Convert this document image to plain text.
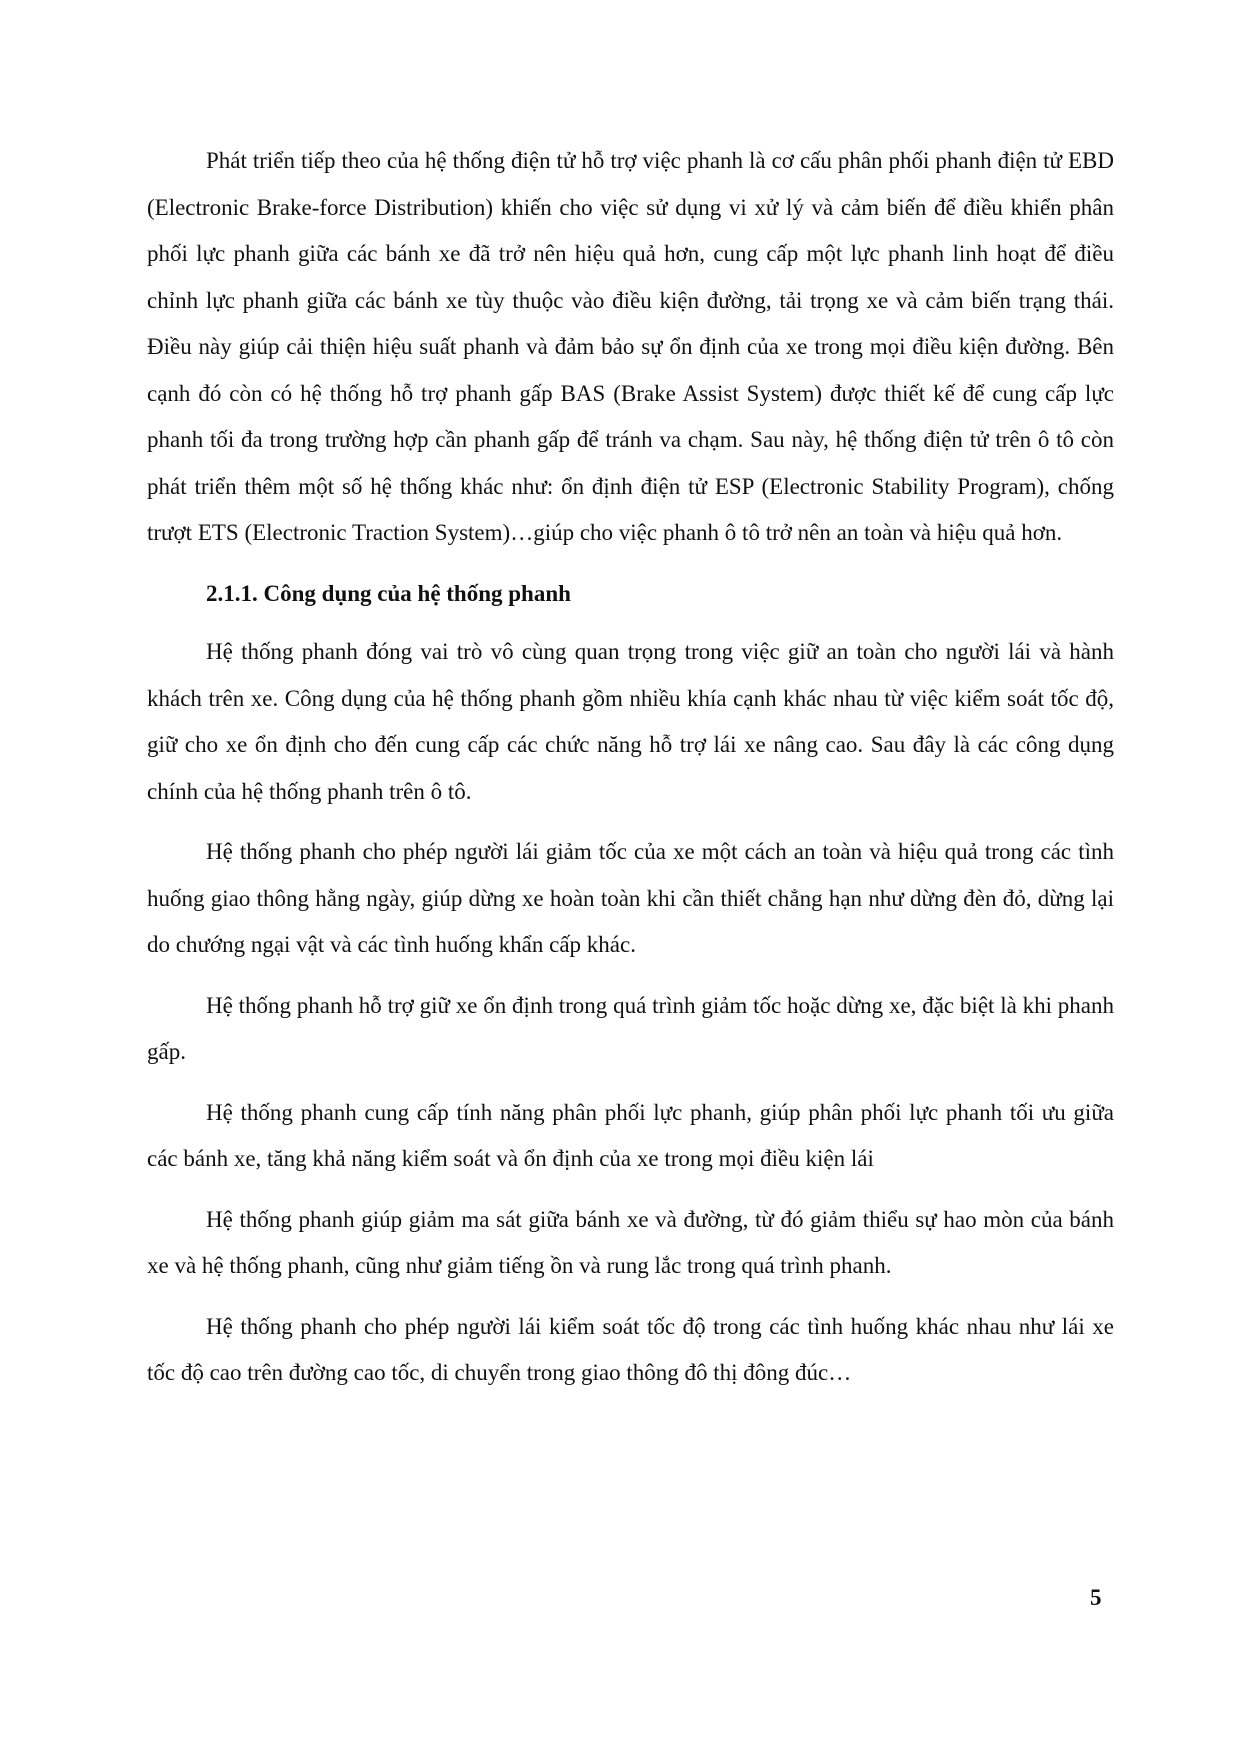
Phát triển tiếp theo của hệ thống điện tử hỗ trợ việc phanh là cơ cấu phân phối phanh điện tử EBD (Electronic Brake-force Distribution) khiến cho việc sử dụng vi xử lý và cảm biến để điều khiển phân phối lực phanh giữa các bánh xe đã trở nên hiệu quả hơn, cung cấp một lực phanh linh hoạt để điều chỉnh lực phanh giữa các bánh xe tùy thuộc vào điều kiện đường, tải trọng xe và cảm biến trạng thái. Điều này giúp cải thiện hiệu suất phanh và đảm bảo sự ổn định của xe trong mọi điều kiện đường. Bên cạnh đó còn có hệ thống hỗ trợ phanh gấp BAS (Brake Assist System) được thiết kế để cung cấp lực phanh tối đa trong trường hợp cần phanh gấp để tránh va chạm. Sau này, hệ thống điện tử trên ô tô còn phát triển thêm một số hệ thống khác như: ổn định điện tử ESP (Electronic Stability Program), chống trượt ETS (Electronic Traction System)…giúp cho việc phanh ô tô trở nên an toàn và hiệu quả hơn.

2.1.1. Công dụng của hệ thống phanh

Hệ thống phanh đóng vai trò vô cùng quan trọng trong việc giữ an toàn cho người lái và hành khách trên xe. Công dụng của hệ thống phanh gồm nhiều khía cạnh khác nhau từ việc kiểm soát tốc độ, giữ cho xe ổn định cho đến cung cấp các chức năng hỗ trợ lái xe nâng cao. Sau đây là các công dụng chính của hệ thống phanh trên ô tô.

Hệ thống phanh cho phép người lái giảm tốc của xe một cách an toàn và hiệu quả trong các tình huống giao thông hằng ngày, giúp dừng xe hoàn toàn khi cần thiết chẳng hạn như dừng đèn đỏ, dừng lại do chướng ngại vật và các tình huống khẩn cấp khác.

Hệ thống phanh hỗ trợ giữ xe ổn định trong quá trình giảm tốc hoặc dừng xe, đặc biệt là khi phanh gấp.

Hệ thống phanh cung cấp tính năng phân phối lực phanh, giúp phân phối lực phanh tối ưu giữa các bánh xe, tăng khả năng kiểm soát và ổn định của xe trong mọi điều kiện lái

Hệ thống phanh giúp giảm ma sát giữa bánh xe và đường, từ đó giảm thiểu sự hao mòn của bánh xe và hệ thống phanh, cũng như giảm tiếng ồn và rung lắc trong quá trình phanh.

Hệ thống phanh cho phép người lái kiểm soát tốc độ trong các tình huống khác nhau như lái xe tốc độ cao trên đường cao tốc, di chuyển trong giao thông đô thị đông đúc…

5
